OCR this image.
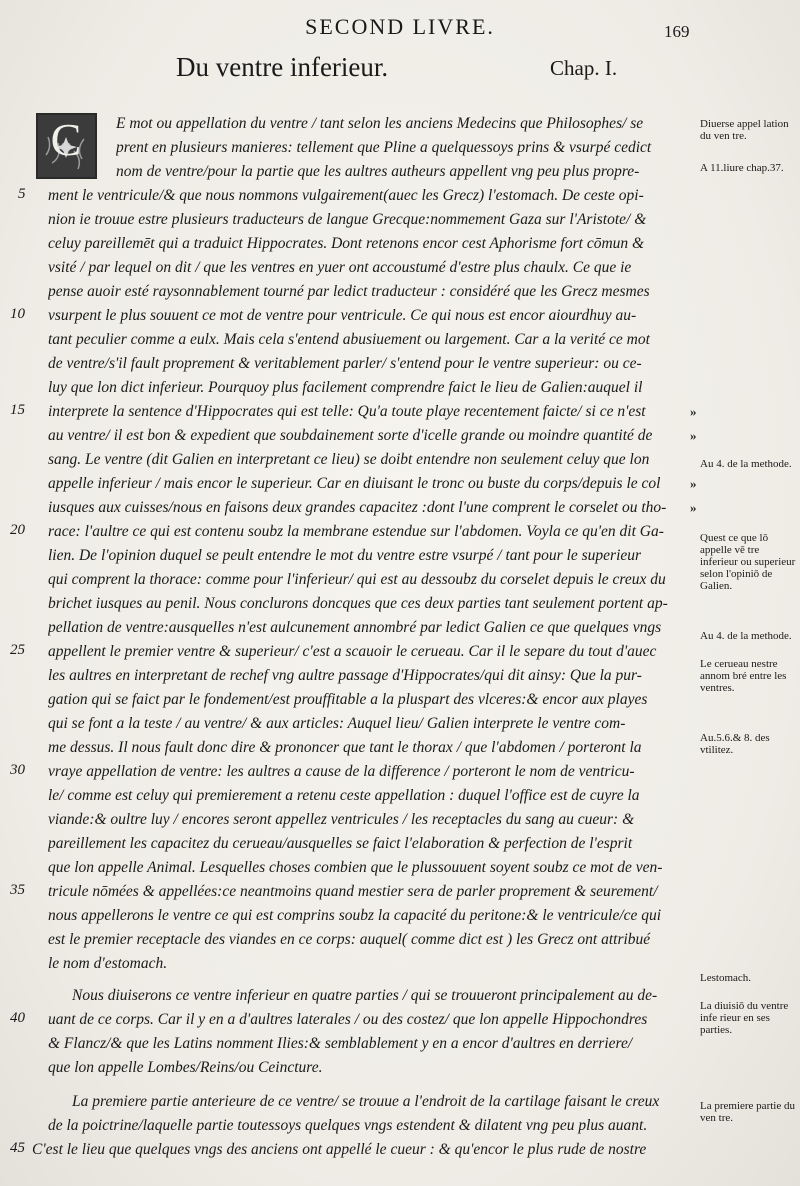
SECOND LIVRE.	169
Du ventre inferieur.	Chap. I.
C E mot ou appellation du ventre / tant selon les anciens Medecins que Philosophes/ se
prent en plusieurs manieres: tellement que Pline a quelquessoys prins & vsurpé cedict
nom de ventre/pour la partie que les aultres autheurs appellent vng peu plus propre-
ment le ventricule/& que nous nommons vulgairement(auec les Grecz) l'estomach. De ceste opi-
nion ie trouue estre plusieurs traducteurs de langue Grecque:nommement Gaza sur l'Aristote/ &
celuy pareillemēt qui a traduict Hippocrates. Dont retenons encor cest Aphorisme fort cōmun &
vsité / par lequel on dit / que les ventres en yuer ont accoustumé d'estre plus chaulx. Ce que ie
pense auoir esté raysonnablement tourné par ledict traducteur : considéré que les Grecz mesmes
vsurpent le plus souuent ce mot de ventre pour ventricule. Ce qui nous est encor aiourdhuy au-
tant peculier comme a eulx. Mais cela s'entend abusiuement ou largement. Car a la verité ce mot
de ventre/s'il fault proprement & veritablement parler/ s'entend pour le ventre superieur: ou ce-
luy que lon dict inferieur. Pourquoy plus facilement comprendre faict le lieu de Galien:auquel il
interprete la sentence d'Hippocrates qui est telle: Qu'a toute playe recentement faicte/ si ce n'est
au ventre/ il est bon & expedient que soubdainement sorte d'icelle grande ou moindre quantité de
sang. Le ventre (dit Galien en interpretant ce lieu) se doibt entendre non seulement celuy que lon
appelle inferieur / mais encor le superieur. Car en diuisant le tronc ou buste du corps/depuis le col
iusques aux cuisses/nous en faisons deux grandes capacitez :dont l'une comprent le corselet ou tho-
race: l'aultre ce qui est contenu soubz la membrane estendue sur l'abdomen. Voyla ce qu'en dit Ga-
lien. De l'opinion duquel se peult entendre le mot du ventre estre vsurpé / tant pour le superieur
qui comprent la thorace: comme pour l'inferieur/ qui est au dessoubz du corselet depuis le creux du
brichet iusques au penil. Nous conclurons doncques que ces deux parties tant seulement portent ap-
pellation de ventre:ausquelles n'est aulcunement annombré par ledict Galien ce que quelques vngs
appellent le premier ventre & superieur/ c'est a scauoir le cerueau. Car il le separe du tout d'auec
les aultres en interpretant de rechef vng aultre passage d'Hippocrates/qui dit ainsy: Que la pur-
gation qui se faict par le fondement/est prouffitable a la pluspart des vlceres:& encor aux playes
qui se font a la teste / au ventre/ & aux articles: Auquel lieu/ Galien interprete le ventre com-
me dessus. Il nous fault donc dire & prononcer que tant le thorax / que l'abdomen / porteront la
vraye appellation de ventre: les aultres a cause de la difference / porteront le nom de ventricu-
le/ comme est celuy qui premierement a retenu ceste appellation : duquel l'office est de cuyre la
viande:& oultre luy / encores seront appellez ventricules / les receptacles du sang au cueur: &
pareillement les capacitez du cerueau/ausquelles se faict l'elaboration & perfection de l'esprit
que lon appelle Animal. Lesquelles choses combien que le plussouuent soyent soubz ce mot de ven-
tricule nōmées & appellées:ce neantmoins quand mestier sera de parler proprement & seurement/
nous appellerons le ventre ce qui est comprins soubz la capacité du peritone:& le ventricule/ce qui
est le premier receptacle des viandes en ce corps: auquel( comme dict est ) les Grecz ont attribué
le nom d'estomach.
Nous diuiserons ce ventre inferieur en quatre parties / qui se trouueront principalement au de-
uant de ce corps. Car il y en a d'aultres laterales / ou des costez/ que lon appelle Hippochondres
& Flancz/& que les Latins nomment Ilies:& semblablement y en a encor d'aultres en derriere/
que lon appelle Lombes/Reins/ou Ceincture.
La premiere partie anterieure de ce ventre/ se trouue a l'endroit de la cartilage faisant le creux
de la poictrine/laquelle partie toutessoys quelques vngs estendent & dilatent vng peu plus auant.
C'est le lieu que quelques vngs des anciens ont appellé le cueur : & qu'encor le plus rude de nostre
5
10
15
20
25
30
35
40
45
»
»
»
»
Diuerse appel lation du ven tre.
A 11.liure chap.37.
Au 4. de la methode.
Quest ce que lō appelle vē tre inferieur ou superieur selon l'opiniō de Galien.
Au 4. de la methode.
Le cerueau nestre annom bré entre les ventres.
Au.5.6.& 8. des vtilitez.
Lestomach.
La diuisiō du ventre infe rieur en ses parties.
La premiere partie du ven tre.
